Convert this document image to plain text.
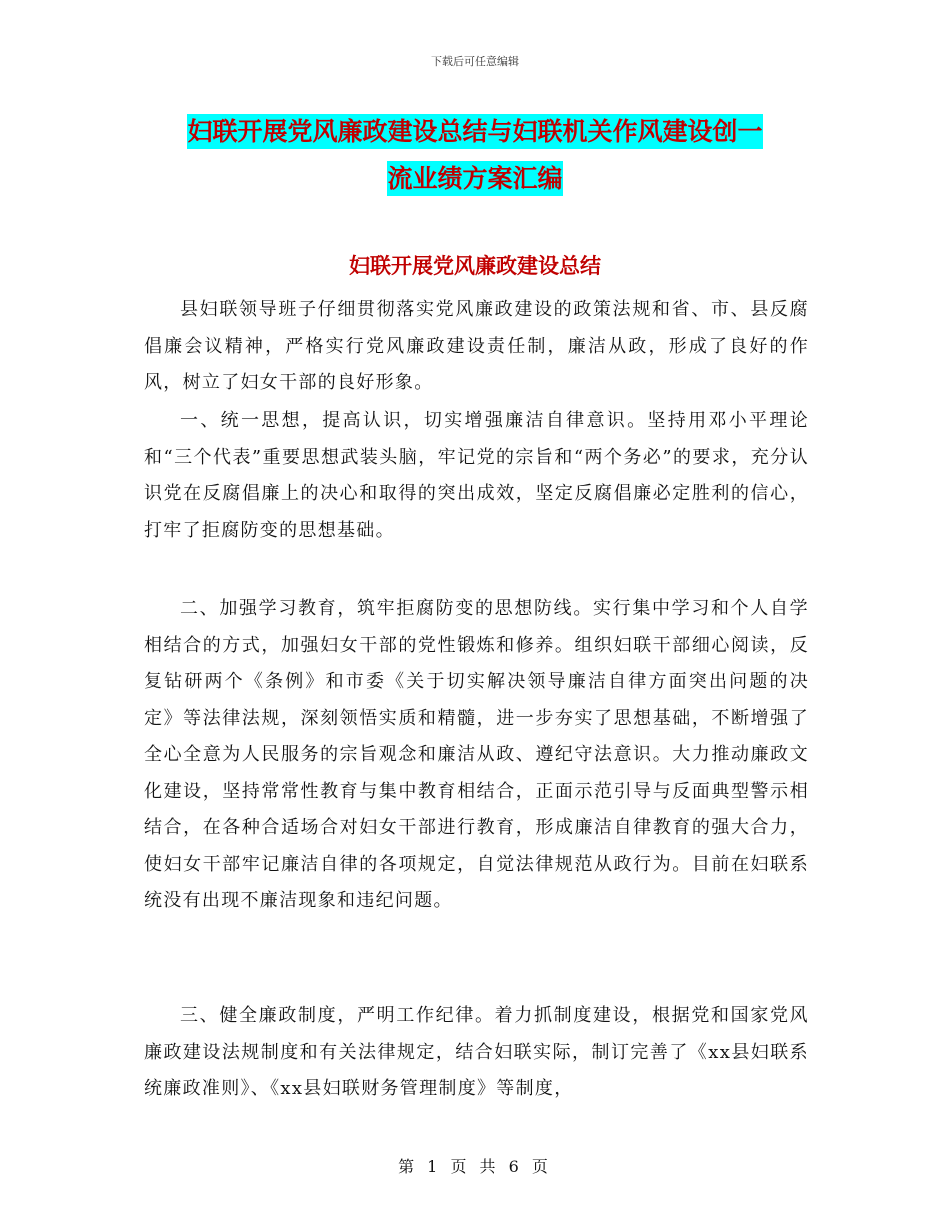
下载后可任意编辑
妇联开展党风廉政建设总结与妇联机关作风建设创一
流业绩方案汇编
妇联开展党风廉政建设总结

县妇联领导班子仔细贯彻落实党风廉政建设的政策法规和省、市、县反腐倡廉会议精神，严格实行党风廉政建设责任制，廉洁从政，形成了良好的作风，树立了妇女干部的良好形象。

一、统一思想，提高认识，切实增强廉洁自律意识。坚持用邓小平理论和“三个代表”重要思想武装头脑，牢记党的宗旨和“两个务必”的要求，充分认识党在反腐倡廉上的决心和取得的突出成效，坚定反腐倡廉必定胜利的信心，打牢了拒腐防变的思想基础。

二、加强学习教育，筑牢拒腐防变的思想防线。实行集中学习和个人自学相结合的方式，加强妇女干部的党性锻炼和修养。组织妇联干部细心阅读，反复钻研两个《条例》和市委《关于切实解决领导廉洁自律方面突出问题的决定》等法律法规，深刻领悟实质和精髓，进一步夯实了思想基础，不断增强了全心全意为人民服务的宗旨观念和廉洁从政、遵纪守法意识。大力推动廉政文化建设，坚持常常性教育与集中教育相结合，正面示范引导与反面典型警示相结合，在各种合适场合对妇女干部进行教育，形成廉洁自律教育的强大合力，使妇女干部牢记廉洁自律的各项规定，自觉法律规范从政行为。目前在妇联系统没有出现不廉洁现象和违纪问题。

三、健全廉政制度，严明工作纪律。着力抓制度建设，根据党和国家党风廉政建设法规制度和有关法律规定，结合妇联实际，制订完善了《xx县妇联系统廉政准则》、《xx县妇联财务管理制度》等制度，

第 1 页 共 6 页
